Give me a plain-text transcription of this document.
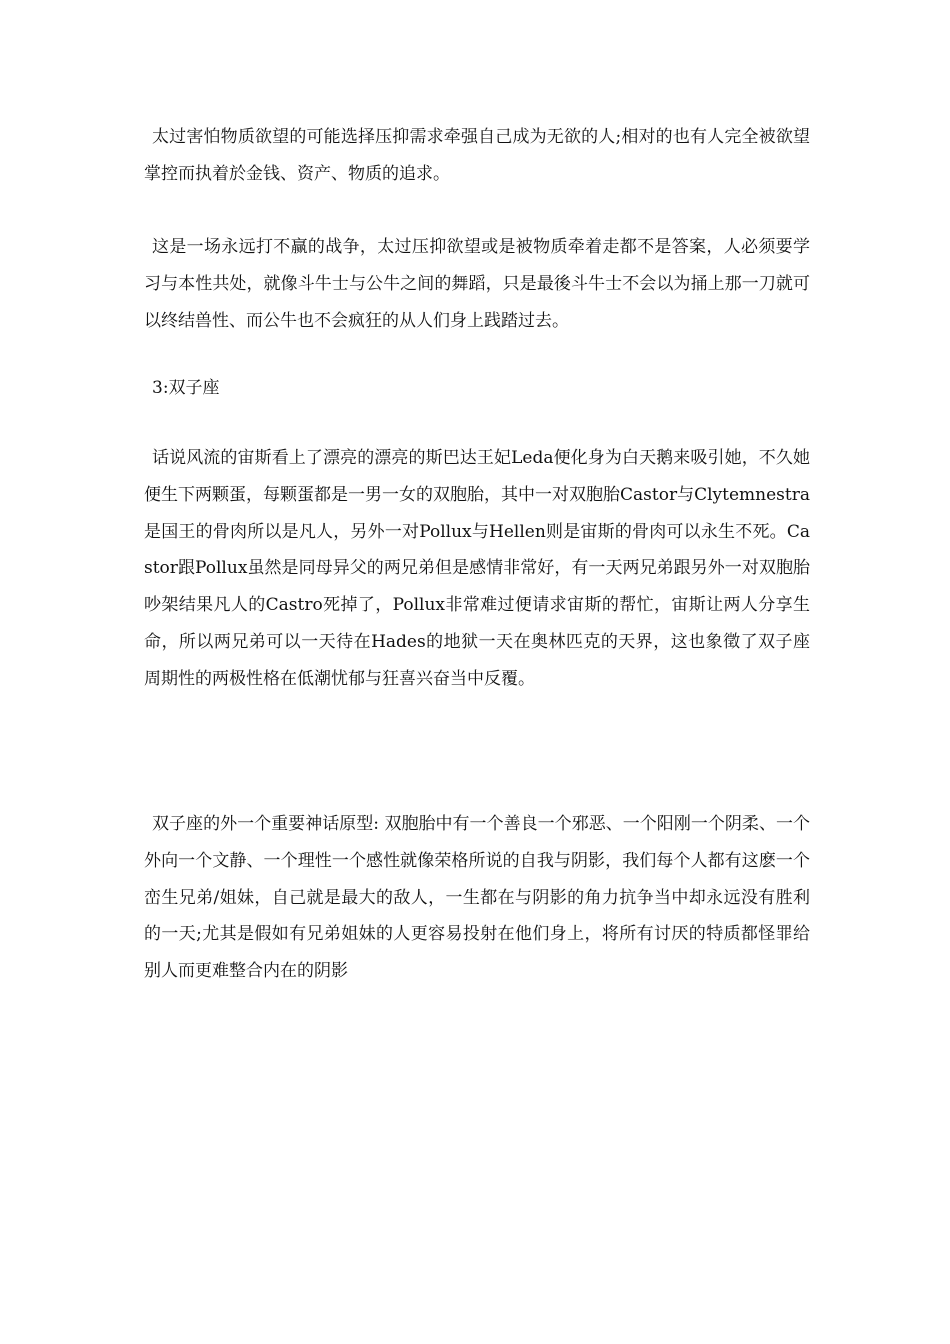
太过害怕物质欲望的可能选择压抑需求牵强自己成为无欲的人;相对的也有人完全被欲望掌控而执着於金钱、资产、物质的追求。

这是一场永远打不赢的战争，太过压抑欲望或是被物质牵着走都不是答案，人必须要学习与本性共处，就像斗牛士与公牛之间的舞蹈，只是最後斗牛士不会以为捅上那一刀就可以终结兽性、而公牛也不会疯狂的从人们身上践踏过去。

3:双子座

话说风流的宙斯看上了漂亮的漂亮的斯巴达王妃Leda便化身为白天鹅来吸引她，不久她便生下两颗蛋，每颗蛋都是一男一女的双胞胎，其中一对双胞胎Castor与Clytemnestra是国王的骨肉所以是凡人，另外一对Pollux与Hellen则是宙斯的骨肉可以永生不死。Castor跟Pollux虽然是同母异父的两兄弟但是感情非常好，有一天两兄弟跟另外一对双胞胎吵架结果凡人的Castro死掉了，Pollux非常难过便请求宙斯的帮忙，宙斯让两人分享生命，所以两兄弟可以一天待在Hades的地狱一天在奥林匹克的天界，这也象徵了双子座周期性的两极性格在低潮忧郁与狂喜兴奋当中反覆。

双子座的外一个重要神话原型: 双胞胎中有一个善良一个邪恶、一个阳刚一个阴柔、一个外向一个文静、一个理性一个感性就像荣格所说的自我与阴影，我们每个人都有这麽一个峦生兄弟/姐妹，自己就是最大的敌人，一生都在与阴影的角力抗争当中却永远没有胜利的一天;尤其是假如有兄弟姐妹的人更容易投射在他们身上，将所有讨厌的特质都怪罪给别人而更难整合内在的阴影
